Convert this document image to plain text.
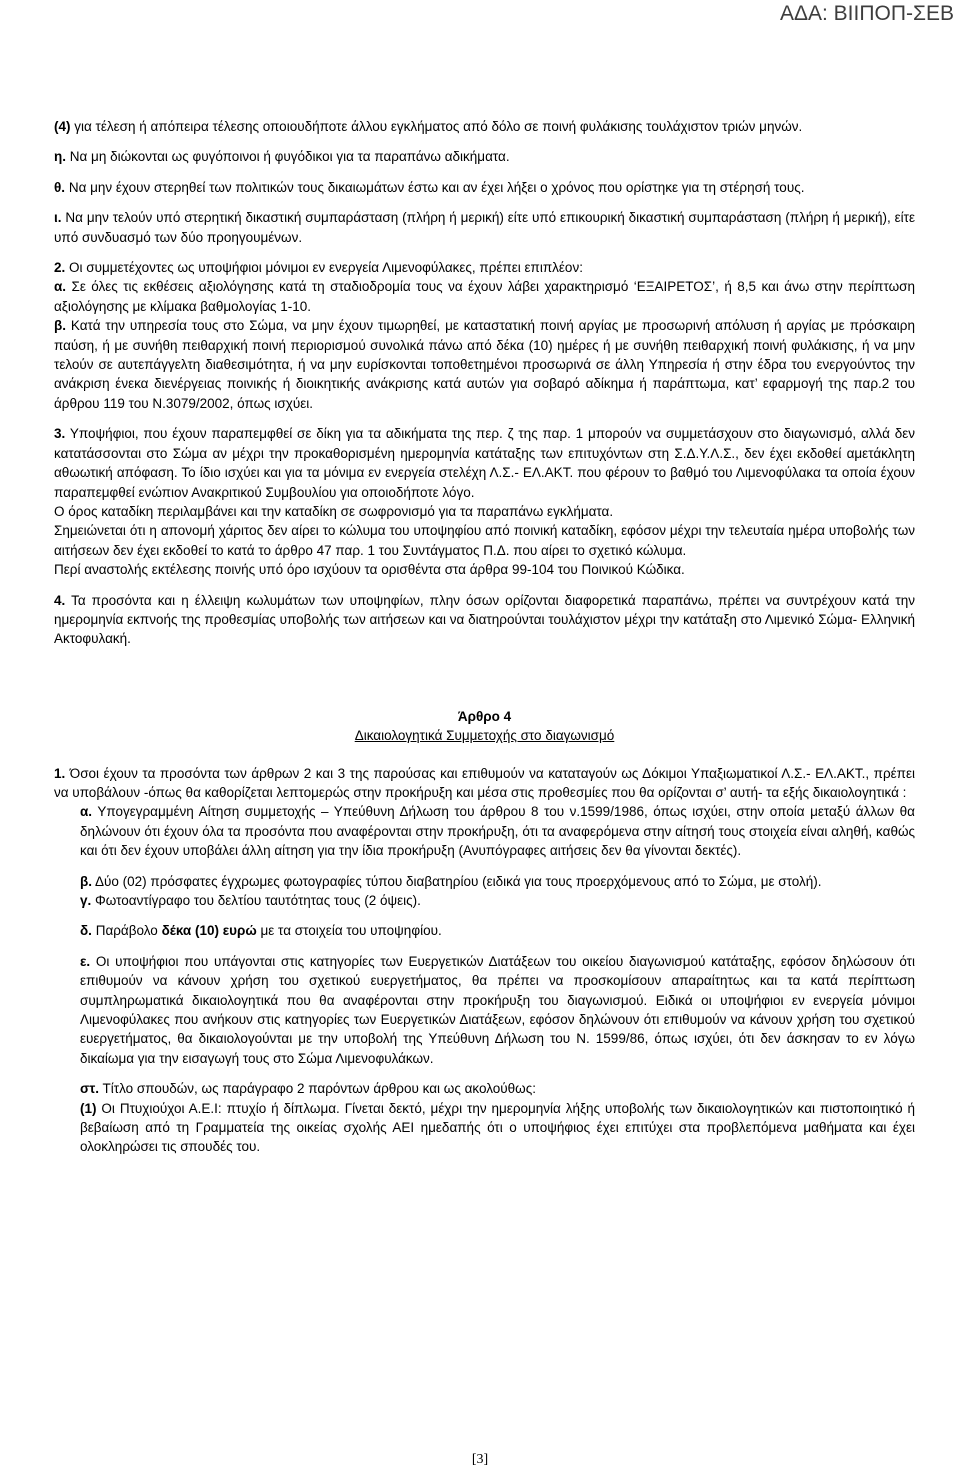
ΑΔΑ: ΒΙΙΠΟΠ-ΣΕΒ

(4) για τέλεση ή απόπειρα τέλεσης οποιουδήποτε άλλου εγκλήματος από δόλο σε ποινή φυλάκισης τουλάχιστον τριών μηνών.

η. Να μη διώκονται ως φυγόποινοι ή φυγόδικοι για τα παραπάνω αδικήματα.

θ. Να μην έχουν στερηθεί των πολιτικών τους δικαιωμάτων έστω και αν έχει λήξει ο χρόνος που ορίστηκε για τη στέρησή τους.

ι. Να μην τελούν υπό στερητική δικαστική συμπαράσταση (πλήρη ή μερική) είτε υπό επικουρική δικαστική συμπαράσταση (πλήρη ή μερική), είτε υπό συνδυασμό των δύο προηγουμένων.

2. Οι συμμετέχοντες ως υποψήφιοι μόνιμοι εν ενεργεία Λιμενοφύλακες, πρέπει επιπλέον:

α. Σε όλες τις εκθέσεις αξιολόγησης κατά τη σταδιοδρομία τους να έχουν λάβει χαρακτηρισμό ‘ΕΞΑΙΡΕΤΟΣ’, ή 8,5 και άνω στην περίπτωση αξιολόγησης με κλίμακα βαθμολογίας 1-10.

β. Κατά την υπηρεσία τους στο Σώμα, να μην έχουν τιμωρηθεί, με καταστατική ποινή αργίας με προσωρινή απόλυση ή αργίας με πρόσκαιρη παύση, ή με συνήθη πειθαρχική ποινή περιορισμού συνολικά πάνω από δέκα (10) ημέρες ή με συνήθη πειθαρχική ποινή φυλάκισης, ή να μην τελούν σε αυτεπάγγελτη διαθεσιμότητα, ή να μην ευρίσκονται τοποθετημένοι προσωρινά σε άλλη Υπηρεσία ή στην έδρα του ενεργούντος την ανάκριση ένεκα διενέργειας ποινικής ή διοικητικής ανάκρισης κατά αυτών για σοβαρό αδίκημα ή παράπτωμα, κατ’ εφαρμογή της παρ.2 του άρθρου 119 του Ν.3079/2002, όπως ισχύει.

3. Υποψήφιοι, που έχουν παραπεμφθεί σε δίκη για τα αδικήματα της περ. ζ της παρ. 1 μπορούν να συμμετάσχουν στο διαγωνισμό, αλλά δεν κατατάσσονται στο Σώμα αν μέχρι την προκαθορισμένη ημερομηνία κατάταξης των επιτυχόντων στη Σ.Δ.Υ.Λ.Σ., δεν έχει εκδοθεί αμετάκλητη αθωωτική απόφαση. Το ίδιο ισχύει και για τα μόνιμα εν ενεργεία στελέχη Λ.Σ.- ΕΛ.ΑΚΤ. που φέρουν το βαθμό του Λιμενοφύλακα τα οποία έχουν παραπεμφθεί ενώπιον Ανακριτικού Συμβουλίου για οποιοδήποτε λόγο.

Ο όρος καταδίκη περιλαμβάνει και την καταδίκη σε σωφρονισμό για τα παραπάνω εγκλήματα.

Σημειώνεται ότι η απονομή χάριτος δεν αίρει το κώλυμα του υποψηφίου από ποινική καταδίκη, εφόσον μέχρι την τελευταία ημέρα υποβολής των αιτήσεων δεν έχει εκδοθεί το κατά το άρθρο 47 παρ. 1 του Συντάγματος Π.Δ. που αίρει το σχετικό κώλυμα.

Περί αναστολής εκτέλεσης ποινής υπό όρο ισχύουν τα ορισθέντα στα άρθρα 99-104 του Ποινικού Κώδικα.

4. Τα προσόντα και η έλλειψη κωλυμάτων των υποψηφίων, πλην όσων ορίζονται διαφορετικά παραπάνω, πρέπει να συντρέχουν κατά την ημερομηνία εκπνοής της προθεσμίας υποβολής των αιτήσεων και να διατηρούνται τουλάχιστον μέχρι την κατάταξη στο Λιμενικό Σώμα- Ελληνική Ακτοφυλακή.

Άρθρο 4

Δικαιολογητικά Συμμετοχής στο διαγωνισμό

1. Όσοι έχουν τα προσόντα των άρθρων 2 και 3 της παρούσας και επιθυμούν να καταταγούν ως Δόκιμοι Υπαξιωματικοί Λ.Σ.- ΕΛ.ΑΚΤ., πρέπει να υποβάλουν -όπως θα καθορίζεται λεπτομερώς στην προκήρυξη και μέσα στις προθεσμίες που θα ορίζονται σ’ αυτή- τα εξής δικαιολογητικά :

α. Υπογεγραμμένη Αίτηση συμμετοχής – Υπεύθυνη Δήλωση του άρθρου 8 του ν.1599/1986, όπως ισχύει, στην οποία μεταξύ άλλων θα δηλώνουν ότι έχουν όλα τα προσόντα που αναφέρονται στην προκήρυξη, ότι τα αναφερόμενα στην αίτησή τους στοιχεία είναι αληθή, καθώς και ότι δεν έχουν υποβάλει άλλη αίτηση για την ίδια προκήρυξη (Ανυπόγραφες αιτήσεις δεν θα γίνονται δεκτές).

β. Δύο (02) πρόσφατες έγχρωμες φωτογραφίες τύπου διαβατηρίου (ειδικά για τους προερχόμενους από το Σώμα, με στολή).

γ. Φωτοαντίγραφο του δελτίου ταυτότητας τους (2 όψεις).

δ. Παράβολο δέκα (10) ευρώ με τα στοιχεία του υποψηφίου.

ε. Οι υποψήφιοι που υπάγονται στις κατηγορίες των Ευεργετικών Διατάξεων του οικείου διαγωνισμού κατάταξης, εφόσον δηλώσουν ότι επιθυμούν να κάνουν χρήση του σχετικού ευεργετήματος, θα πρέπει να προσκομίσουν απαραίτητως και τα κατά περίπτωση συμπληρωματικά δικαιολογητικά που θα αναφέρονται στην προκήρυξη του διαγωνισμού. Ειδικά οι υποψήφιοι εν ενεργεία μόνιμοι Λιμενοφύλακες που ανήκουν στις κατηγορίες των Ευεργετικών Διατάξεων, εφόσον δηλώνουν ότι επιθυμούν να κάνουν χρήση του σχετικού ευεργετήματος, θα δικαιολογούνται με την υποβολή της Υπεύθυνη Δήλωση του Ν. 1599/86, όπως ισχύει, ότι δεν άσκησαν το εν λόγω δικαίωμα για την εισαγωγή τους στο Σώμα Λιμενοφυλάκων.

στ. Τίτλο σπουδών, ως παράγραφο 2 παρόντων άρθρου και ως ακολούθως:

(1) Οι Πτυχιούχοι Α.Ε.Ι: πτυχίο ή δίπλωμα. Γίνεται δεκτό, μέχρι την ημερομηνία λήξης υποβολής των δικαιολογητικών και πιστοποιητικό ή βεβαίωση από τη Γραμματεία της οικείας σχολής ΑΕΙ ημεδαπής ότι ο υποψήφιος έχει επιτύχει στα προβλεπόμενα μαθήματα και έχει ολοκληρώσει τις σπουδές του.

[3]
